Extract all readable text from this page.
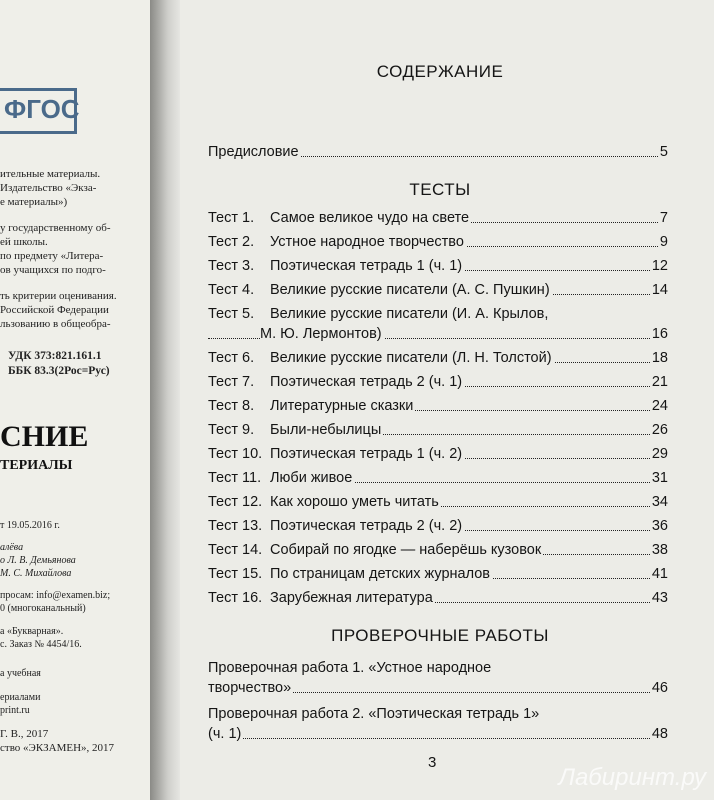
ФГОС
ительные материалы.
Издательство «Экза-
е материалы»)
у государственному об-
ей школы.
по предмету «Литера-
ов учащихся по подго-
ть критерии оценивания.
Российской Федерации
льзованию в общеобра-
УДК 373:821.161.1
ББК 83.3(2Рос=Рус)
СНИЕ
ТЕРИАЛЫ
т 19.05.2016 г.
алёва
о Л. В. Демьянова
М. С. Михайлова
просам: info@examen.biz;
0 (многоканальный)
а «Букварная».
с. Заказ № 4454/16.
а учебная
ериалами
print.ru
Г. В., 2017
ство «ЭКЗАМЕН», 2017
СОДЕРЖАНИЕ
Предисловие	5
ТЕСТЫ
Тест 1. Самое великое чудо на свете	7
Тест 2. Устное народное творчество	9
Тест 3. Поэтическая тетрадь 1 (ч. 1)	12
Тест 4. Великие русские писатели (А. С. Пушкин)	14
Тест 5. Великие русские писатели (И. А. Крылов,
М. Ю. Лермонтов)	16
Тест 6. Великие русские писатели (Л. Н. Толстой)	18
Тест 7. Поэтическая тетрадь 2 (ч. 1)	21
Тест 8. Литературные сказки	24
Тест 9. Были-небылицы	26
Тест 10. Поэтическая тетрадь 1 (ч. 2)	29
Тест 11. Люби живое	31
Тест 12. Как хорошо уметь читать	34
Тест 13. Поэтическая тетрадь 2 (ч. 2)	36
Тест 14. Собирай по ягодке — наберёшь кузовок	38
Тест 15. По страницам детских журналов	41
Тест 16. Зарубежная литература	43
ПРОВЕРОЧНЫЕ РАБОТЫ
Проверочная работа 1. «Устное народное
творчество»	46
Проверочная работа 2. «Поэтическая тетрадь 1»
(ч. 1)	48
3
Лабиринт.ру
